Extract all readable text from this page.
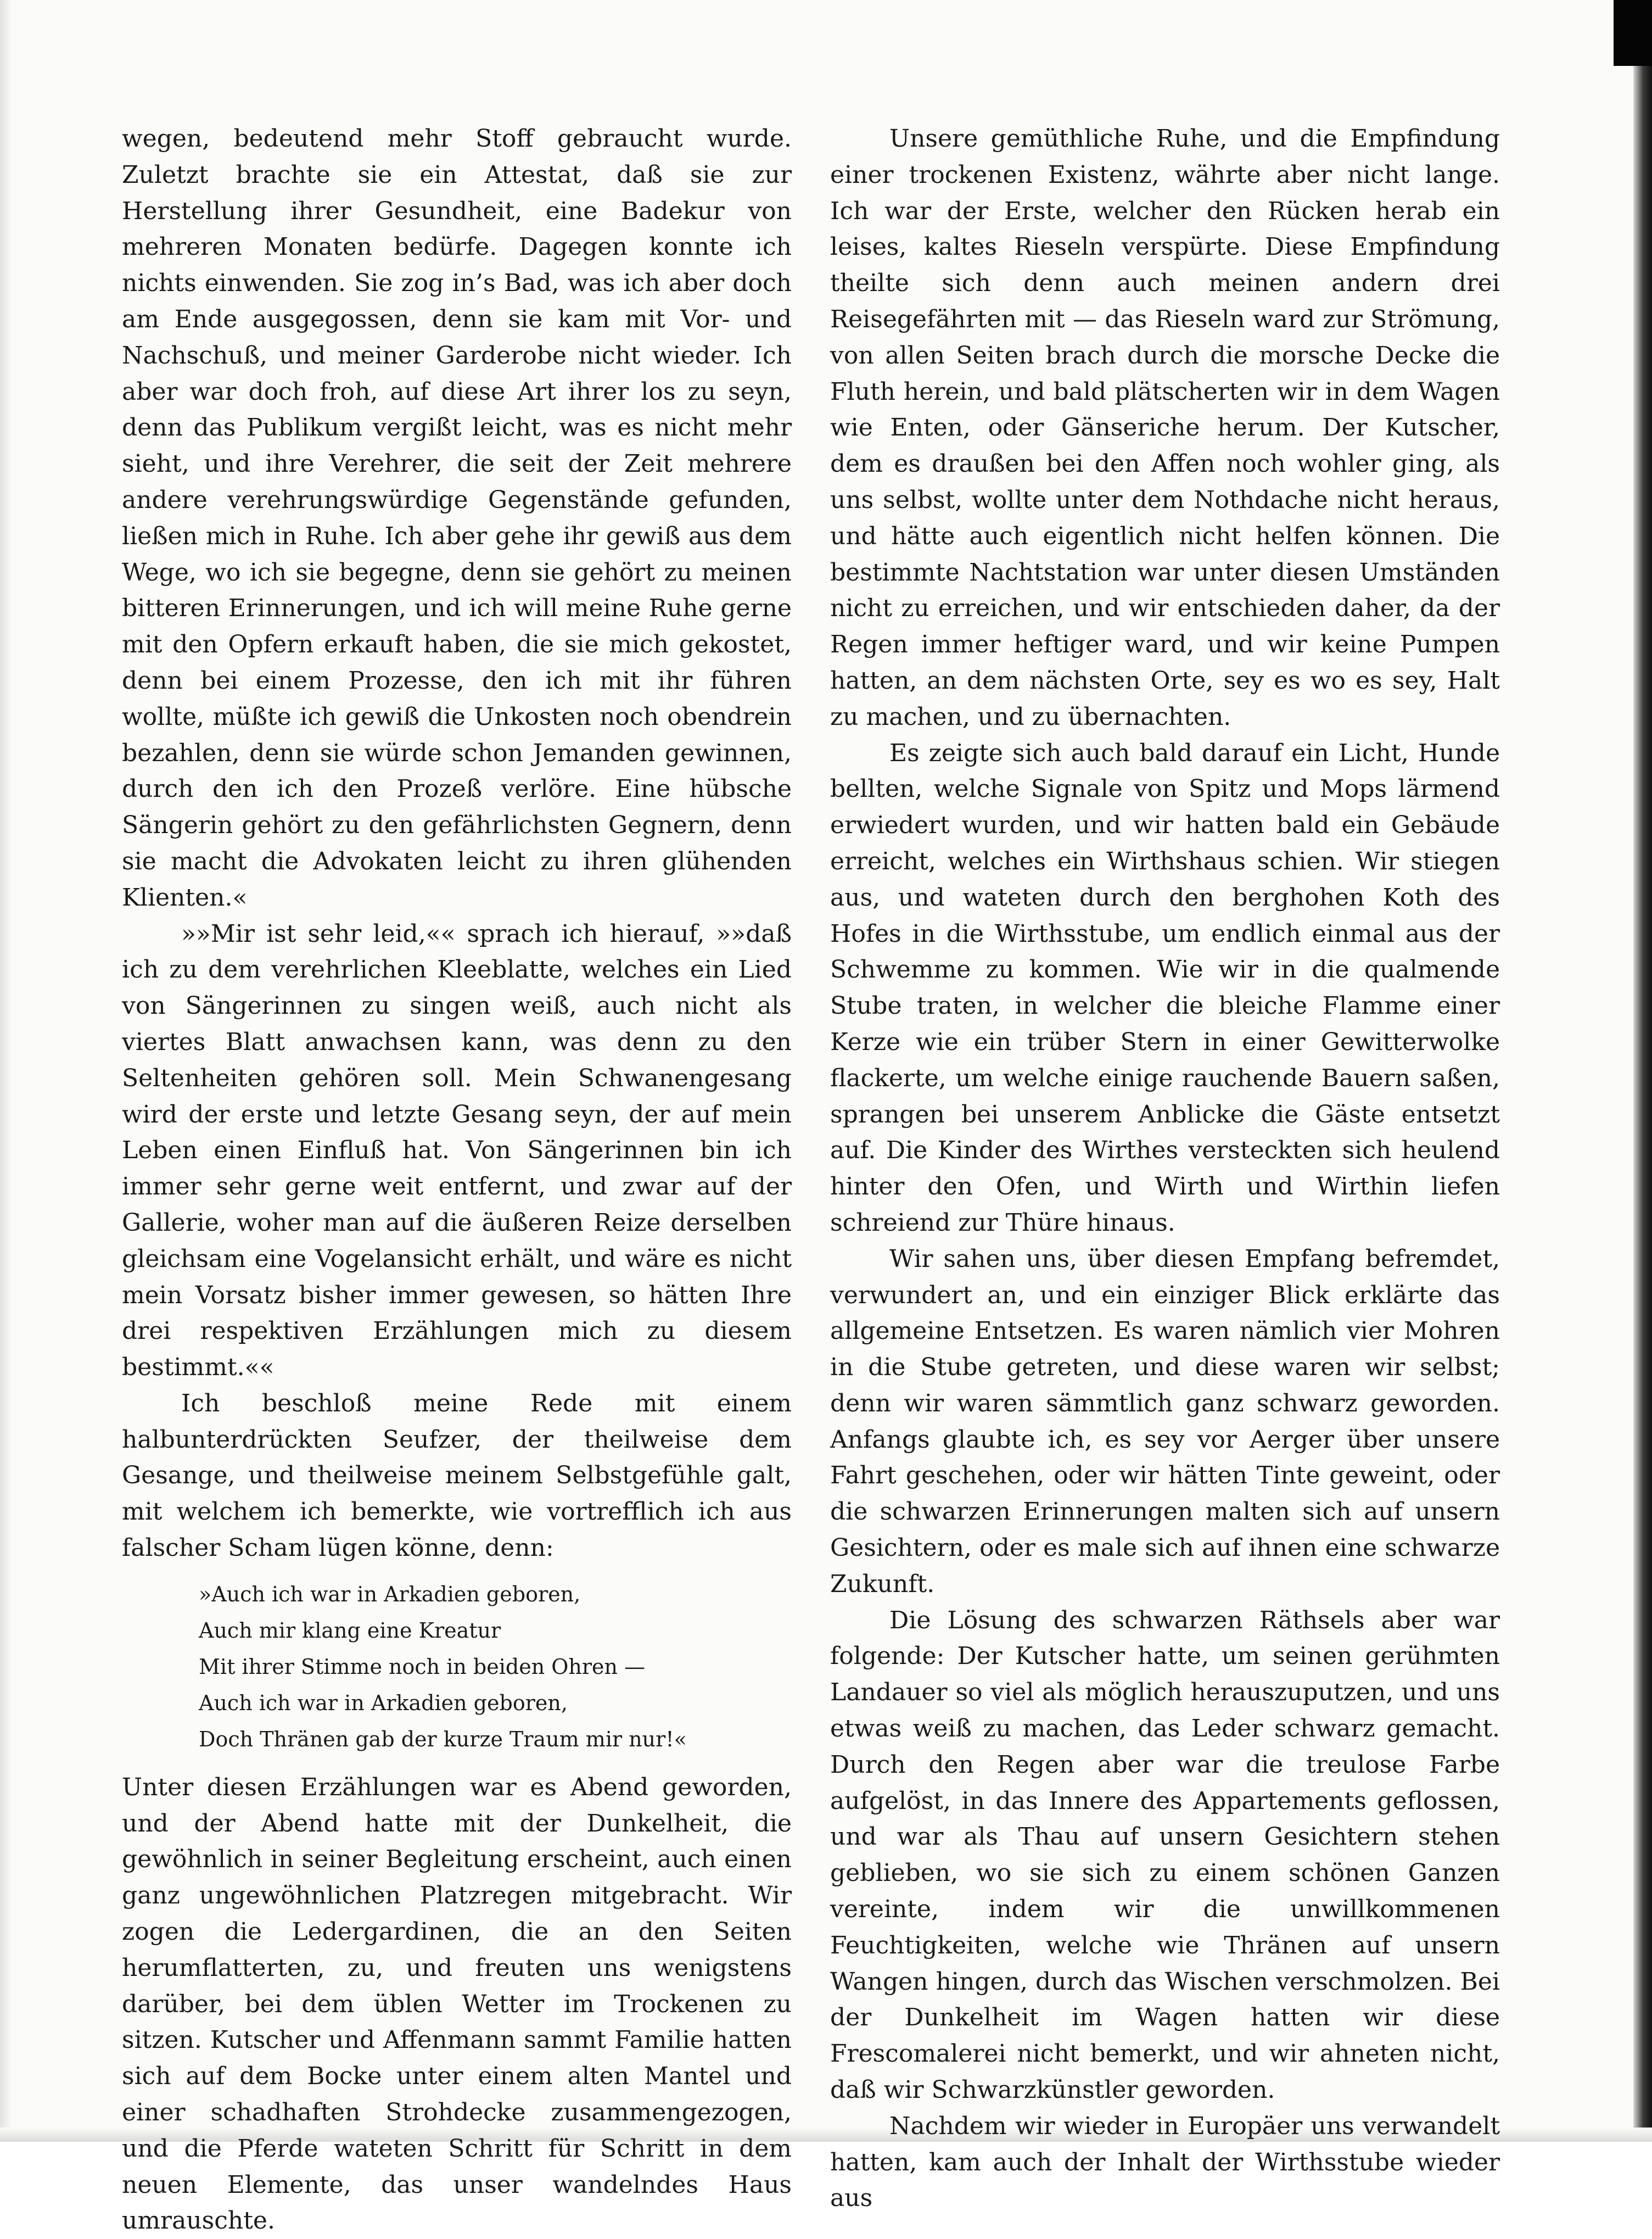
wegen, bedeutend mehr Stoff gebraucht wurde. Zuletzt brachte sie ein Attestat, daß sie zur Herstellung ihrer Gesundheit, eine Badekur von mehreren Monaten bedürfe. Dagegen konnte ich nichts einwenden. Sie zog in’s Bad, was ich aber doch am Ende ausgegossen, denn sie kam mit Vor- und Nachschuß, und meiner Garderobe nicht wieder. Ich aber war doch froh, auf diese Art ihrer los zu seyn, denn das Publikum vergißt leicht, was es nicht mehr sieht, und ihre Verehrer, die seit der Zeit mehrere andere verehrungswürdige Gegenstände gefunden, ließen mich in Ruhe. Ich aber gehe ihr gewiß aus dem Wege, wo ich sie begegne, denn sie gehört zu meinen bitteren Erinnerungen, und ich will meine Ruhe gerne mit den Opfern erkauft haben, die sie mich gekostet, denn bei einem Prozesse, den ich mit ihr führen wollte, müßte ich gewiß die Unkosten noch obendrein bezahlen, denn sie würde schon Jemanden gewinnen, durch den ich den Prozeß verlöre. Eine hübsche Sängerin gehört zu den gefährlichsten Gegnern, denn sie macht die Advokaten leicht zu ihren glühenden Klienten.«

»»Mir ist sehr leid,«« sprach ich hierauf, »»daß ich zu dem verehrlichen Kleeblatte, welches ein Lied von Sängerinnen zu singen weiß, auch nicht als viertes Blatt anwachsen kann, was denn zu den Seltenheiten gehören soll. Mein Schwanengesang wird der erste und letzte Gesang seyn, der auf mein Leben einen Einfluß hat. Von Sängerinnen bin ich immer sehr gerne weit entfernt, und zwar auf der Gallerie, woher man auf die äußeren Reize derselben gleichsam eine Vogelansicht erhält, und wäre es nicht mein Vorsatz bisher immer gewesen, so hätten Ihre drei respektiven Erzählungen mich zu diesem bestimmt.««

Ich beschloß meine Rede mit einem halbunterdrückten Seufzer, der theilweise dem Gesange, und theilweise meinem Selbstgefühle galt, mit welchem ich bemerkte, wie vortrefflich ich aus falscher Scham lügen könne, denn:

»Auch ich war in Arkadien geboren,
Auch mir klang eine Kreatur
Mit ihrer Stimme noch in beiden Ohren —
Auch ich war in Arkadien geboren,
Doch Thränen gab der kurze Traum mir nur!«

Unter diesen Erzählungen war es Abend geworden, und der Abend hatte mit der Dunkelheit, die gewöhnlich in seiner Begleitung erscheint, auch einen ganz ungewöhnlichen Platzregen mitgebracht. Wir zogen die Ledergardinen, die an den Seiten herumflatterten, zu, und freuten uns wenigstens darüber, bei dem üblen Wetter im Trockenen zu sitzen. Kutscher und Affenmann sammt Familie hatten sich auf dem Bocke unter einem alten Mantel und einer schadhaften Strohdecke zusammengezogen, und die Pferde wateten Schritt für Schritt in dem neuen Elemente, das unser wandelndes Haus umrauschte.

Unsere gemüthliche Ruhe, und die Empfindung einer trockenen Existenz, währte aber nicht lange. Ich war der Erste, welcher den Rücken herab ein leises, kaltes Rieseln verspürte. Diese Empfindung theilte sich denn auch meinen andern drei Reisegefährten mit — das Rieseln ward zur Strömung, von allen Seiten brach durch die morsche Decke die Fluth herein, und bald plätscherten wir in dem Wagen wie Enten, oder Gänseriche herum. Der Kutscher, dem es draußen bei den Affen noch wohler ging, als uns selbst, wollte unter dem Nothdache nicht heraus, und hätte auch eigentlich nicht helfen können. Die bestimmte Nachtstation war unter diesen Umständen nicht zu erreichen, und wir entschieden daher, da der Regen immer heftiger ward, und wir keine Pumpen hatten, an dem nächsten Orte, sey es wo es sey, Halt zu machen, und zu übernachten.

Es zeigte sich auch bald darauf ein Licht, Hunde bellten, welche Signale von Spitz und Mops lärmend erwiedert wurden, und wir hatten bald ein Gebäude erreicht, welches ein Wirthshaus schien. Wir stiegen aus, und wateten durch den berghohen Koth des Hofes in die Wirthsstube, um endlich einmal aus der Schwemme zu kommen. Wie wir in die qualmende Stube traten, in welcher die bleiche Flamme einer Kerze wie ein trüber Stern in einer Gewitterwolke flackerte, um welche einige rauchende Bauern saßen, sprangen bei unserem Anblicke die Gäste entsetzt auf. Die Kinder des Wirthes versteckten sich heulend hinter den Ofen, und Wirth und Wirthin liefen schreiend zur Thüre hinaus.

Wir sahen uns, über diesen Empfang befremdet, verwundert an, und ein einziger Blick erklärte das allgemeine Entsetzen. Es waren nämlich vier Mohren in die Stube getreten, und diese waren wir selbst; denn wir waren sämmtlich ganz schwarz geworden. Anfangs glaubte ich, es sey vor Aerger über unsere Fahrt geschehen, oder wir hätten Tinte geweint, oder die schwarzen Erinnerungen malten sich auf unsern Gesichtern, oder es male sich auf ihnen eine schwarze Zukunft.

Die Lösung des schwarzen Räthsels aber war folgende: Der Kutscher hatte, um seinen gerühmten Landauer so viel als möglich herauszuputzen, und uns etwas weiß zu machen, das Leder schwarz gemacht. Durch den Regen aber war die treulose Farbe aufgelöst, in das Innere des Appartements geflossen, und war als Thau auf unsern Gesichtern stehen geblieben, wo sie sich zu einem schönen Ganzen vereinte, indem wir die unwillkommenen Feuchtigkeiten, welche wie Thränen auf unsern Wangen hingen, durch das Wischen verschmolzen. Bei der Dunkelheit im Wagen hatten wir diese Frescomalerei nicht bemerkt, und wir ahneten nicht, daß wir Schwarzkünstler geworden.

Nachdem wir wieder in Europäer uns verwandelt hatten, kam auch der Inhalt der Wirthsstube wieder aus
